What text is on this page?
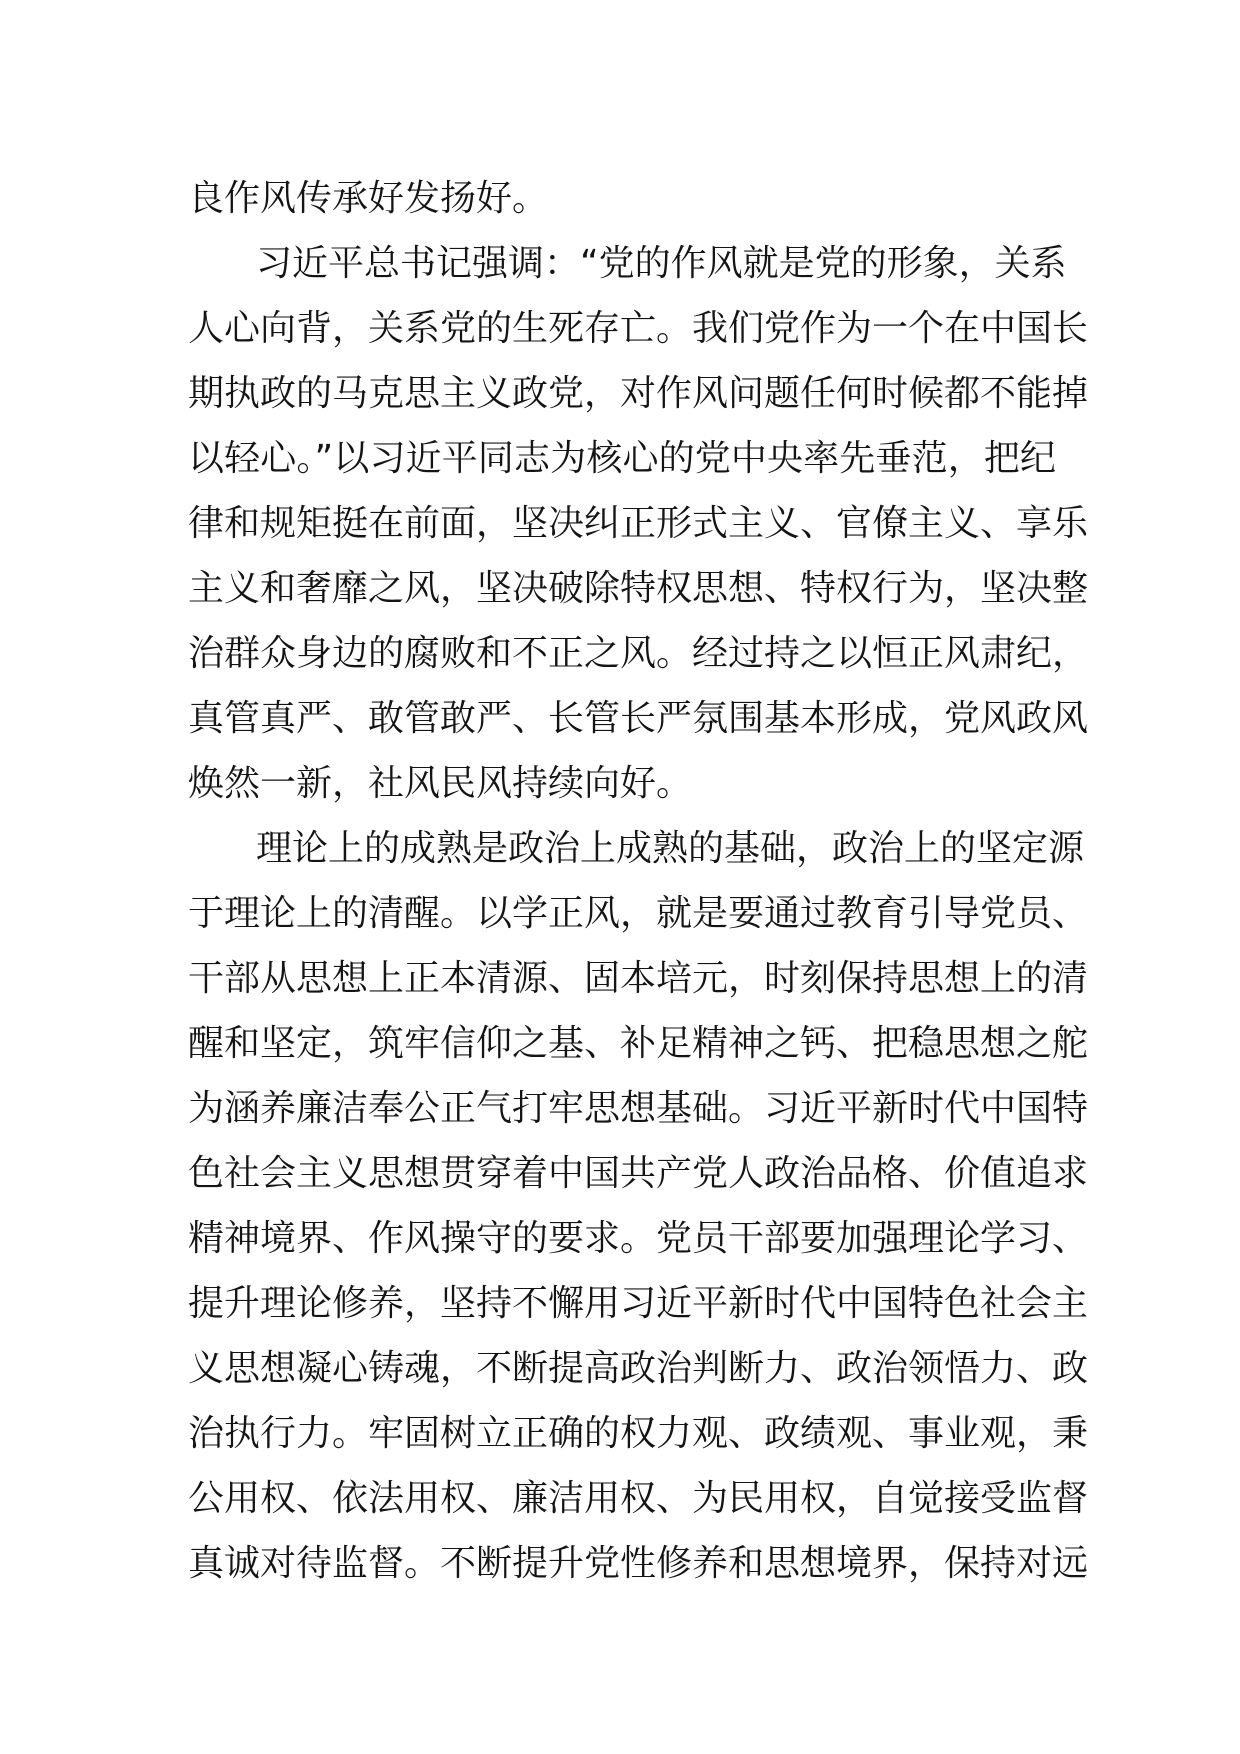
良作风传承好发扬好。
习近平总书记强调：“党的作风就是党的形象，关系
人心向背，关系党的生死存亡。我们党作为一个在中国长
期执政的马克思主义政党，对作风问题任何时候都不能掉
以轻心。”以习近平同志为核心的党中央率先垂范，把纪
律和规矩挺在前面，坚决纠正形式主义、官僚主义、享乐
主义和奢靡之风，坚决破除特权思想、特权行为，坚决整
治群众身边的腐败和不正之风。经过持之以恒正风肃纪，
真管真严、敢管敢严、长管长严氛围基本形成，党风政风
焕然一新，社风民风持续向好。
理论上的成熟是政治上成熟的基础，政治上的坚定源
于理论上的清醒。以学正风，就是要通过教育引导党员、
干部从思想上正本清源、固本培元，时刻保持思想上的清
醒和坚定，筑牢信仰之基、补足精神之钙、把稳思想之舵
为涵养廉洁奉公正气打牢思想基础。习近平新时代中国特
色社会主义思想贯穿着中国共产党人政治品格、价值追求
精神境界、作风操守的要求。党员干部要加强理论学习、
提升理论修养，坚持不懈用习近平新时代中国特色社会主
义思想凝心铸魂，不断提高政治判断力、政治领悟力、政
治执行力。牢固树立正确的权力观、政绩观、事业观，秉
公用权、依法用权、廉洁用权、为民用权，自觉接受监督
真诚对待监督。不断提升党性修养和思想境界，保持对远
